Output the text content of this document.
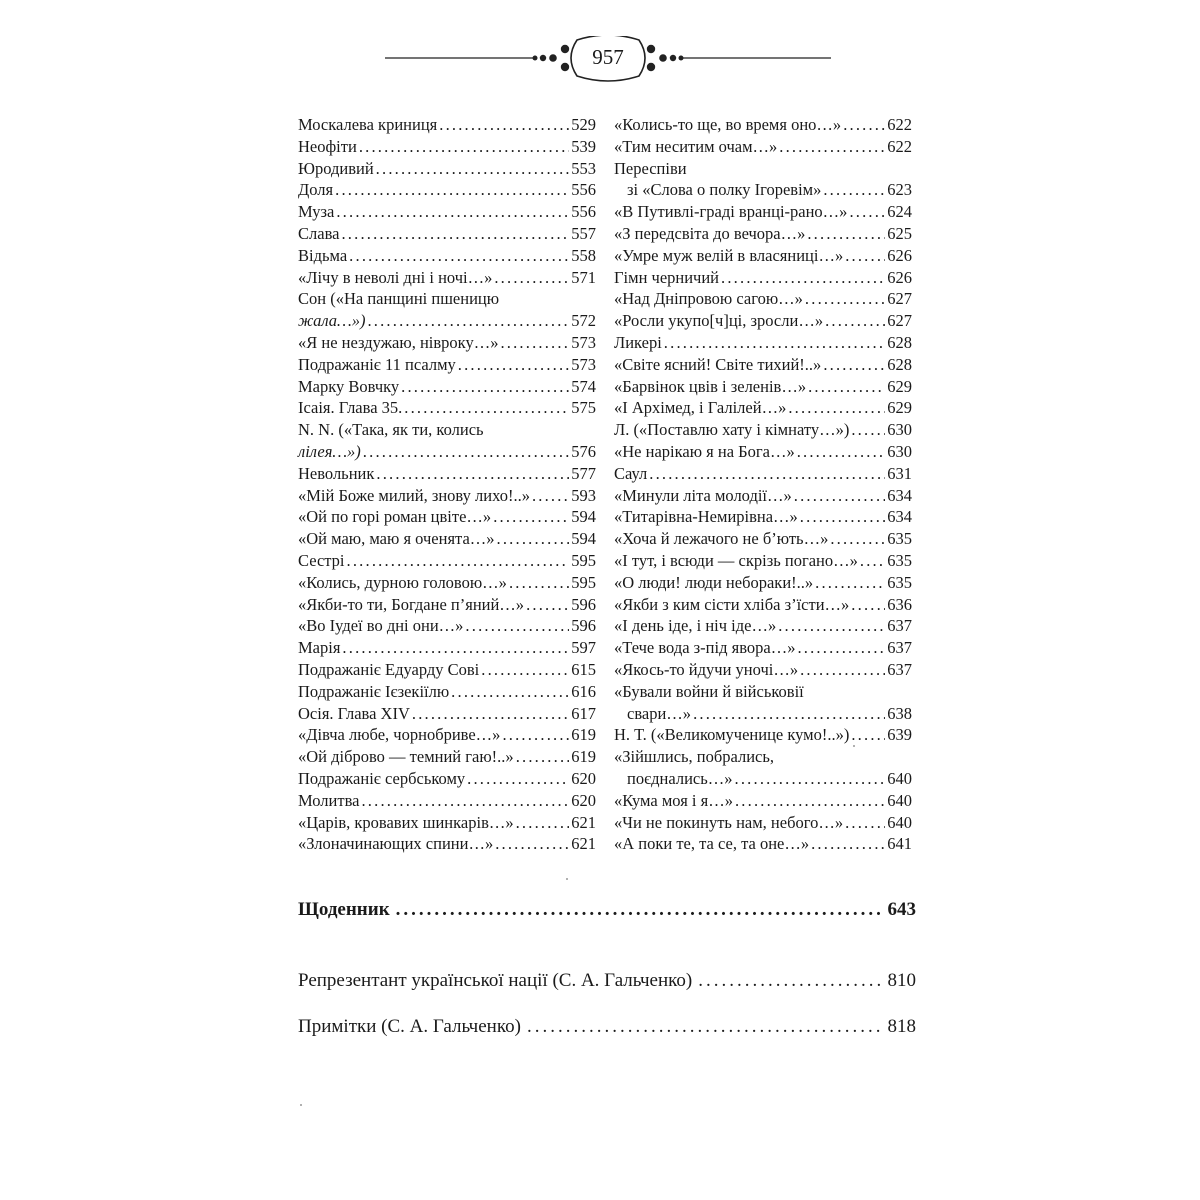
957
Москалева криниця .....	529
Неофіти .....	539
Юродивий .....	553
Доля .....	556
Муза .....	556
Слава .....	557
Відьма .....	558
«Лічу в неволі дні і ночі…» .....	571
Сон («На панщині пшеницю
жала…») .....	572
«Я не нездужаю, нівроку…» .....	573
Подражаніє 11 псалму .....	573
Марку Вовчку .....	574
Ісаія. Глава 35. .....	575
N. N. («Така, як ти, колись
лілея…») .....	576
Невольник .....	577
«Мій Боже милий, знову лихо!..» .....	593
«Ой по горі роман цвіте…» .....	594
«Ой маю, маю я оченята…» .....	594
Сестрі .....	595
«Колись, дурною головою…» .....	595
«Якби-то ти, Богдане п’яний…» .....	596
«Во Іудеї во дні они…» .....	596
Марія .....	597
Подражаніє Едуарду Сові .....	615
Подражаніє Ієзекіїлю .....	616
Осія. Глава XIV .....	617
«Дівча любе, чорнобриве…» .....	619
«Ой діброво — темний гаю!..» .....	619
Подражаніє сербському .....	620
Молитва .....	620
«Царів, кровавих шинкарів…» .....	621
«Злоначинающих спини…» .....	621
«Колись-то ще, во время оно…» .....	622
«Тим неситим очам…» .....	622
Переспіви
зі «Слова о полку Ігоревім» .....	623
«В Путивлі-граді вранці-рано…» ..... 624
«З передсвіта до вечора…» .....	625
«Умре муж велій в власяниці…» .....	626
Гімн черничий .....	626
«Над Дніпровою сагою…» .....	627
«Росли укупо[ч]ці, зросли…» .....	627
Ликері .....	628
«Світе ясний! Світе тихий!..» .....	628
«Барвінок цвів і зеленів…» .....	629
«І Архімед, і Галілей…» .....	629
Л. («Поставлю хату і кімнату…») ..... 630
«Не нарікаю я на Бога…» .....	630
Саул .....	631
«Минули літа молодії…» .....	634
«Титарівна-Немирівна…» .....	634
«Хоча й лежачого не б’ють…» .....	635
«І тут, і всюди — скрізь погано…» ..... 635
«О люди! люди небораки!..» .....	635
«Якби з ким сісти хліба з’їсти…» ..... 636
«І день іде, і ніч іде…» .....	637
«Тече вода з-під явора…» .....	637
«Якось-то йдучи уночі…» .....	637
«Бували войни й військовії
свари…» .....	638
Н. Т. («Великомученице кумо!..») ..... 639
«Зійшлись, побрались,
поєднались…» .....	640
«Кума моя і я…» .....	640
«Чи не покинуть нам, небого…» .....	640
«А поки те, та се, та оне…» .....	641
Щоденник .....	643
Репрезентант української нації (С. А. Гальченко) .....	810
Примітки (С. А. Гальченко) .....	818
